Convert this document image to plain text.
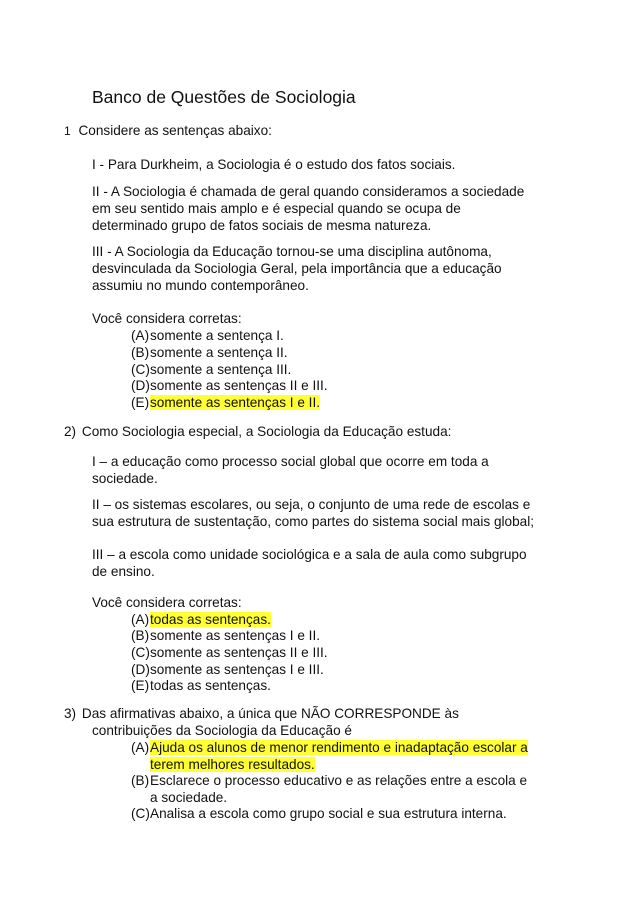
Banco de Questões de Sociologia
1 Considere as sentenças abaixo:
I - Para Durkheim, a Sociologia é o estudo dos fatos sociais.
II - A Sociologia é chamada de geral quando consideramos a sociedade
em seu sentido mais amplo e é especial quando se ocupa de
determinado grupo de fatos sociais de mesma natureza.
III - A Sociologia da Educação tornou-se uma disciplina autônoma,
desvinculada da Sociologia Geral, pela importância que a educação
assumiu no mundo contemporâneo.
Você considera corretas:
(A) somente a sentença I.
(B) somente a sentença II.
(C) somente a sentença III.
(D) somente as sentenças II e III.
(E) somente as sentenças I e II.
2) Como Sociologia especial, a Sociologia da Educação estuda:
I – a educação como processo social global que ocorre em toda a
sociedade.
II – os sistemas escolares, ou seja, o conjunto de uma rede de escolas e
sua estrutura de sustentação, como partes do sistema social mais global;
III – a escola como unidade sociológica e a sala de aula como subgrupo
de ensino.
Você considera corretas:
(A) todas as sentenças.
(B) somente as sentenças I e II.
(C) somente as sentenças II e III.
(D) somente as sentenças I e III.
(E) todas as sentenças.
3) Das afirmativas abaixo, a única que NÃO CORRESPONDE às
contribuições da Sociologia da Educação é
(A) Ajuda os alunos de menor rendimento e inadaptação escolar a
terem melhores resultados.
(B) Esclarece o processo educativo e as relações entre a escola e
a sociedade.
(C) Analisa a escola como grupo social e sua estrutura interna.
